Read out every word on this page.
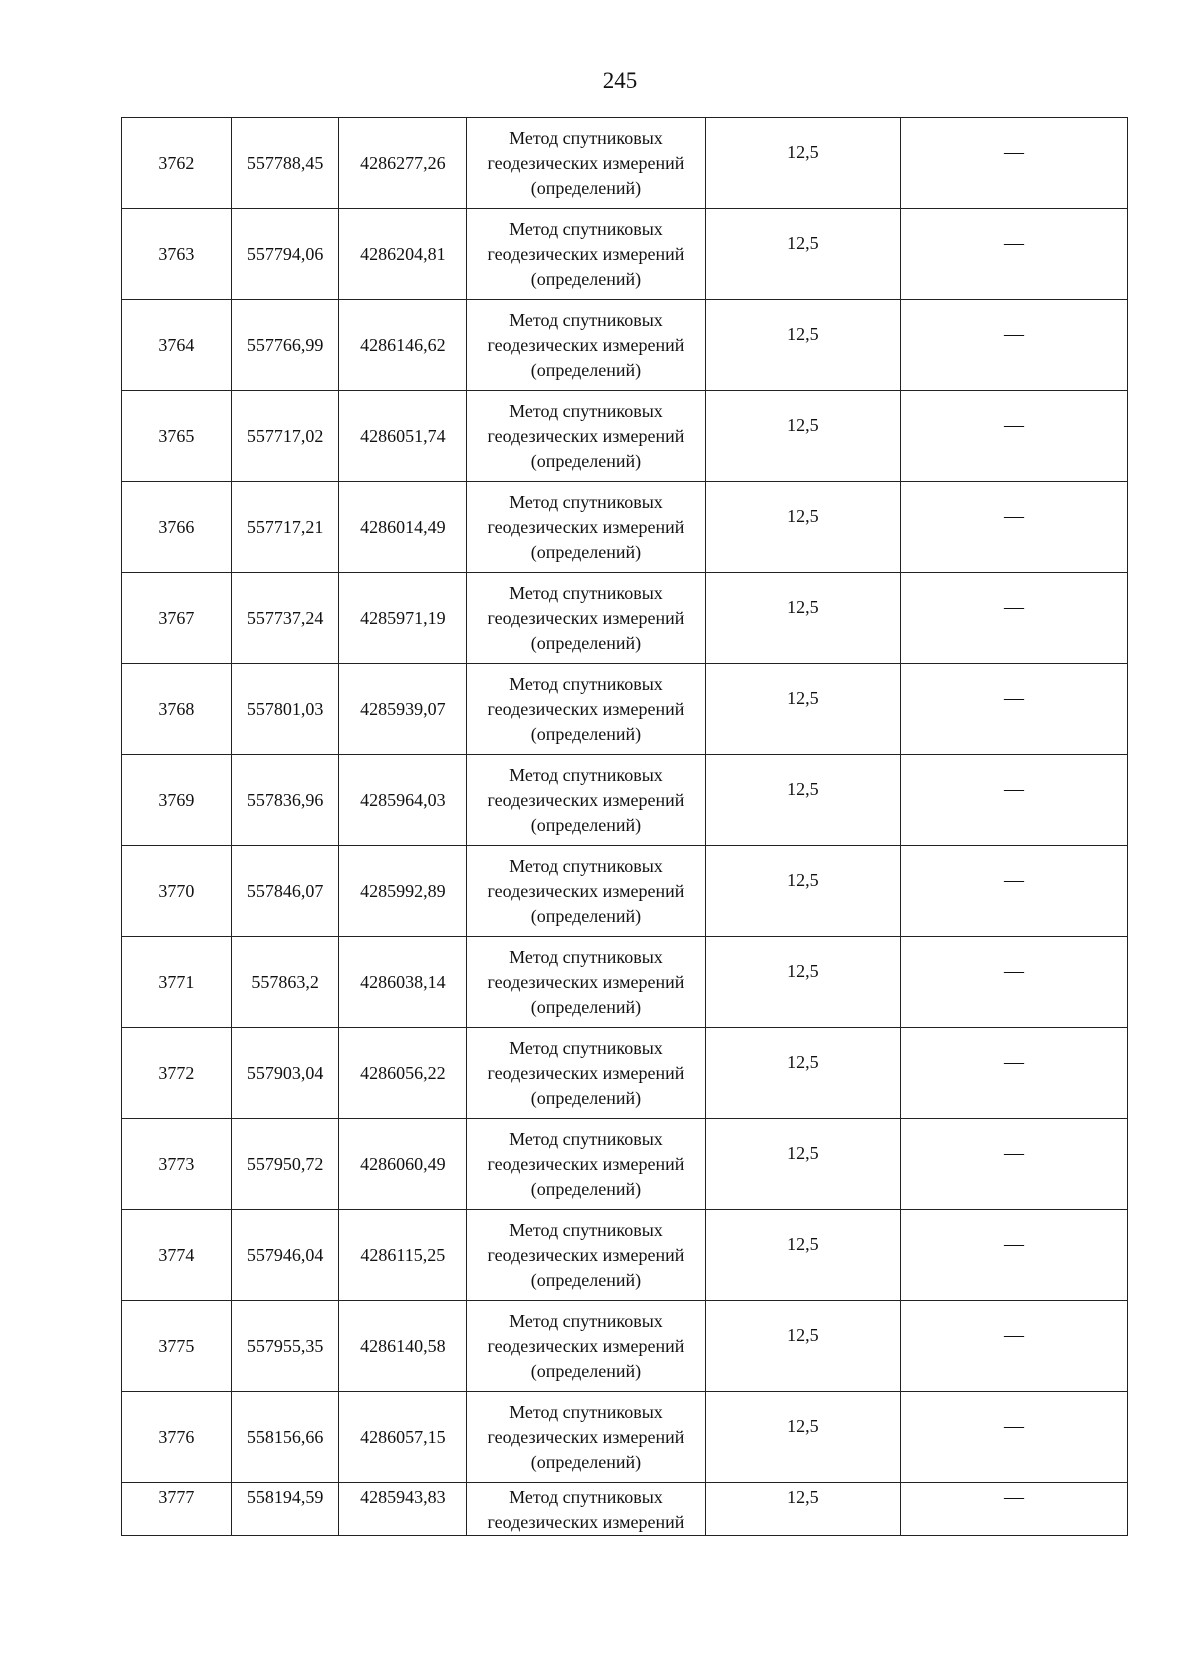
245
3762	557788,45	4286277,26	Метод спутниковых
геодезических измерений
(определений)	12,5	—

3763	557794,06	4286204,81	Метод спутниковых
геодезических измерений
(определений)	12,5	—

3764	557766,99	4286146,62	Метод спутниковых
геодезических измерений
(определений)	12,5	—

3765	557717,02	4286051,74	Метод спутниковых
геодезических измерений
(определений)	12,5	—

3766	557717,21	4286014,49	Метод спутниковых
геодезических измерений
(определений)	12,5	—

3767	557737,24	4285971,19	Метод спутниковых
геодезических измерений
(определений)	12,5	—

3768	557801,03	4285939,07	Метод спутниковых
геодезических измерений
(определений)	12,5	—

3769	557836,96	4285964,03	Метод спутниковых
геодезических измерений
(определений)	12,5	—

3770	557846,07	4285992,89	Метод спутниковых
геодезических измерений
(определений)	12,5	—

3771	557863,2	4286038,14	Метод спутниковых
геодезических измерений
(определений)	12,5	—

3772	557903,04	4286056,22	Метод спутниковых
геодезических измерений
(определений)	12,5	—

3773	557950,72	4286060,49	Метод спутниковых
геодезических измерений
(определений)	12,5	—

3774	557946,04	4286115,25	Метод спутниковых
геодезических измерений
(определений)	12,5	—

3775	557955,35	4286140,58	Метод спутниковых
геодезических измерений
(определений)	12,5	—

3776	558156,66	4286057,15	Метод спутниковых
геодезических измерений
(определений)	12,5	—

3777	558194,59	4285943,83	Метод спутниковых
геодезических измерений	12,5	—
